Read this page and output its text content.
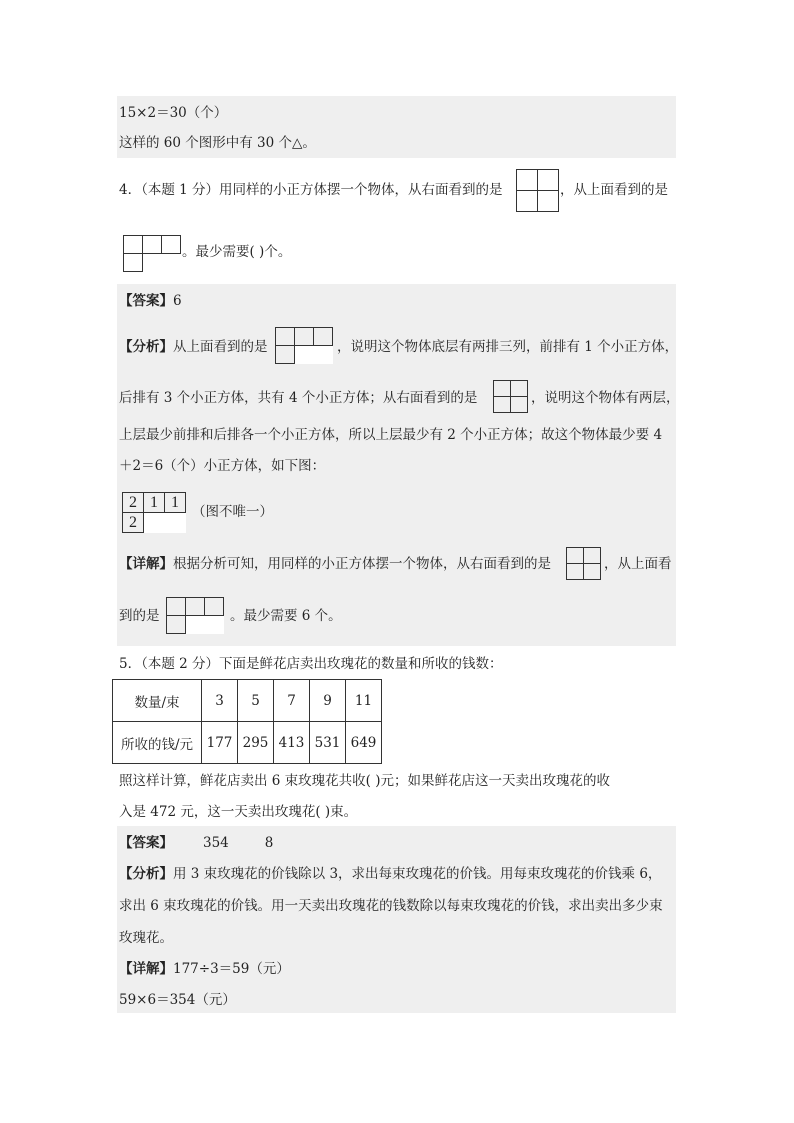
15×2＝30（个）
这样的 60 个图形中有 30 个△。
4．（本题 1 分）用同样的小正方体摆一个物体，从右面看到的是

		，从上面看到的是

。最少需要( )个。
【答案】6
【分析】从上面看到的是

			，说明这个物体底层有两排三列，前排有 1 个小正方体，
后排有 3 个小正方体，共有 4 个小正方体；从右面看到的是

		，说明这个物体有两层，
上层最少前排和后排各一个小正方体，所以上层最少有 2 个小正方体；故这个物体最少要 4
＋2＝6（个）小正方体，如下图：
2	1	1
2		
（图不唯一）
【详解】根据分析可知，用同样的小正方体摆一个物体，从右面看到的是

		，从上面看
到的是

			。最少需要 6 个。
5．（本题 2 分）下面是鲜花店卖出玫瑰花的数量和所收的钱数：
数量/束	3	5	7	9	11
所收的钱/元	177	295	413	531	649
照这样计算，鲜花店卖出 6 束玫瑰花共收( )元；如果鲜花店这一天卖出玫瑰花的收
入是 472 元，这一天卖出玫瑰花( )束。
【答案】 354	8
【分析】用 3 束玫瑰花的价钱除以 3，求出每束玫瑰花的价钱。用每束玫瑰花的价钱乘 6，
求出 6 束玫瑰花的价钱。用一天卖出玫瑰花的钱数除以每束玫瑰花的价钱，求出卖出多少束
玫瑰花。
【详解】177÷3＝59（元）
59×6＝354（元）
